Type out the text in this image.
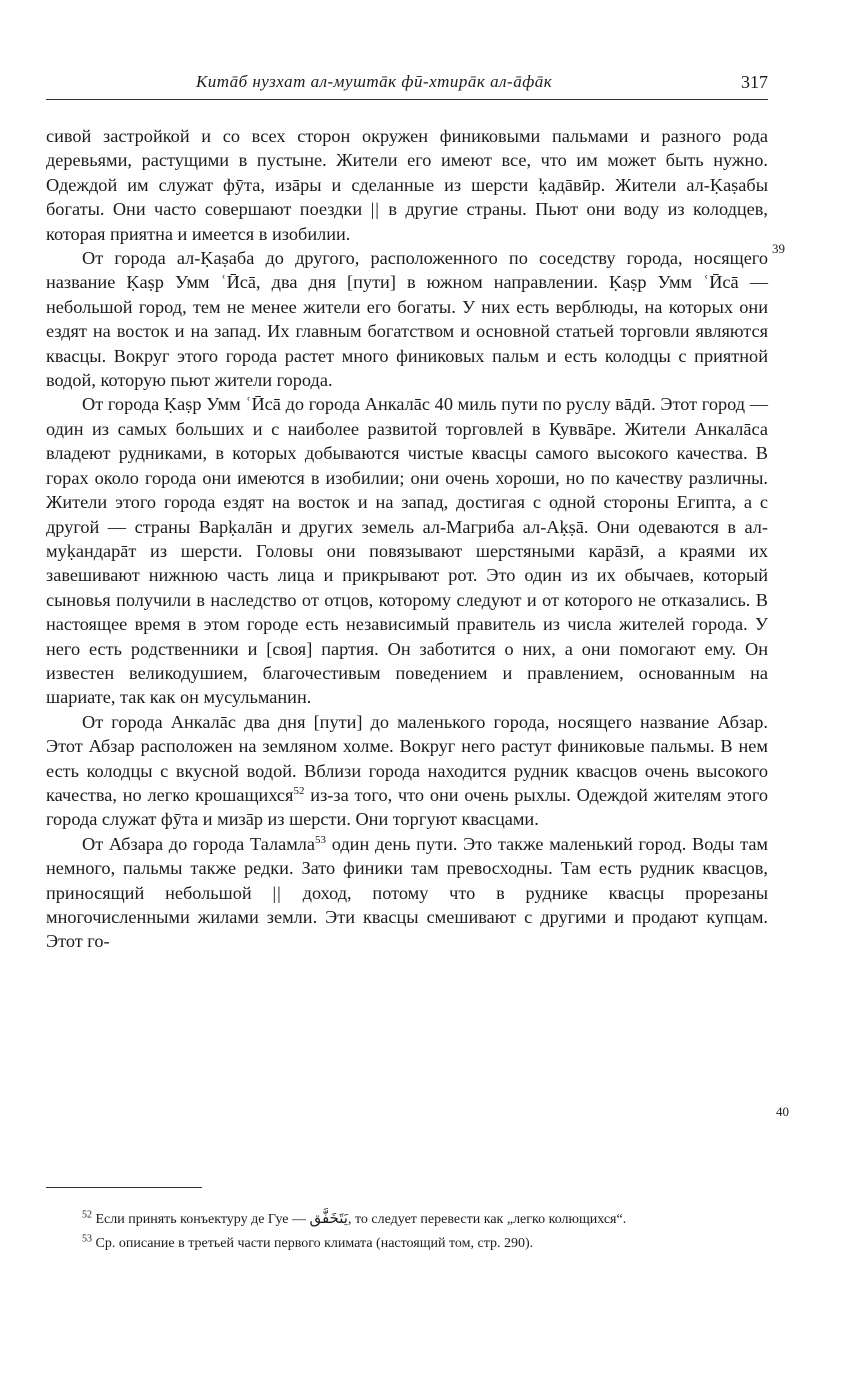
Китāб нузхат ал-муштāк фӣ-хтирāк ал-āфāк	317

сивой застройкой и со всех сторон окружен финиковыми пальмами и разного рода деревьями, растущими в пустыне. Жители его имеют все, что им может быть нужно. Одеждой им служат фӯта, изāры и сделанные из шерсти ḳадāвӣр. Жители ал-Ḳаṣабы богаты. Они часто совершают поездки || в другие страны. Пьют они воду из колодцев, которая приятна и имеется в изобилии.

От города ал-Ḳаṣаба до другого, расположенного по соседству города, носящего название Ḳаṣр Умм ʿӢсā, два дня [пути] в южном направлении. Ḳаṣр Умм ʿӢсā — небольшой город, тем не менее жители его богаты. У них есть верблюды, на которых они ездят на восток и на запад. Их главным богатством и основной статьей торговли являются квасцы. Вокруг этого города растет много финиковых пальм и есть колодцы с приятной водой, которую пьют жители города.

От города Ḳаṣр Умм ʿӢсā до города Анкалāс 40 миль пути по руслу вāдӣ. Этот город — один из самых больших и с наиболее развитой торговлей в Куввāре. Жители Анкалāса владеют рудниками, в которых добываются чистые квасцы самого высокого качества. В горах около города они имеются в изобилии; они очень хороши, но по качеству различны. Жители этого города ездят на восток и на запад, достигая с одной стороны Египта, а с другой — страны Варḳалāн и других земель ал-Магриба ал-Аḳṣā. Они одеваются в ал-муḳандарāт из шерсти. Головы они повязывают шерстяными карāзӣ, а краями их завешивают нижнюю часть лица и прикрывают рот. Это один из их обычаев, который сыновья получили в наследство от отцов, которому следуют и от которого не отказались. В настоящее время в этом городе есть независимый правитель из числа жителей города. У него есть родственники и [своя] партия. Он заботится о них, а они помогают ему. Он известен великодушием, благочестивым поведением и правлением, основанным на шариате, так как он мусульманин.

От города Анкалāс два дня [пути] до маленького города, носящего название Абзар. Этот Абзар расположен на земляном холме. Вокруг него растут финиковые пальмы. В нем есть колодцы с вкусной водой. Вблизи города находится рудник квасцов очень высокого качества, но легко крошащихся$^{52}$ из-за того, что они очень рыхлы. Одеждой жителям этого города служат фӯта и мизāр из шерсти. Они торгуют квасцами.

От Абзара до города Таламла$^{53}$ один день пути. Это также маленький город. Воды там немного, пальмы также редки. Зато финики там превосходны. Там есть рудник квасцов, приносящий небольшой || доход, потому что в руднике квасцы прорезаны многочисленными жилами земли. Эти квасцы смешивают с другими и продают купцам. Этот го-

39
40

$^{52}$ Если принять конъектуру де Гуе — يَتَخَفَّق, то следует перевести как „легко колющихся“.

$^{53}$ Ср. описание в третьей части первого климата (настоящий том, стр. 290).
